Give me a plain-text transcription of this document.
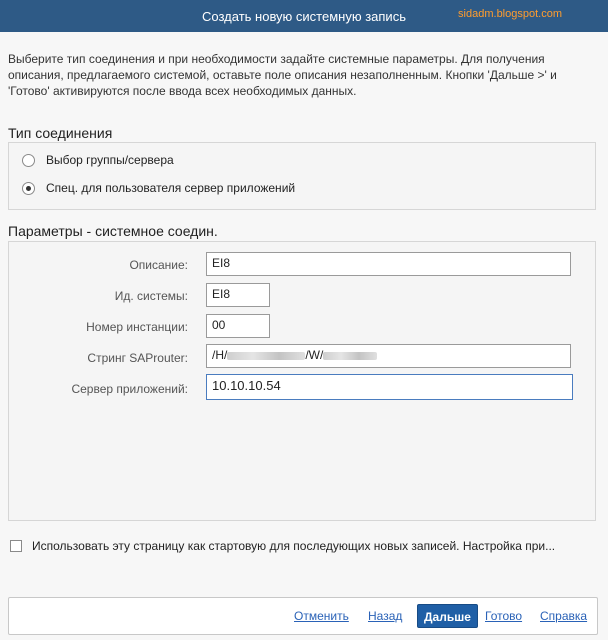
Создать новую системную запись	sidadm.blogspot.com
Выберите тип соединения и при необходимости задайте системные параметры. Для получения описания, предлагаемого системой, оставьте поле описания незаполненным. Кнопки 'Дальше >' и 'Готово' активируются после ввода всех необходимых данных.
Тип соединения
Выбор группы/сервера
Спец. для пользователя сервер приложений
Параметры - системное соедин.
Описание:	EI8
Ид. системы:	EI8
Номер инстанции:	00
Стринг SAProuter:	/H/	/W/
Сервер приложений:	10.10.10.54
Использовать эту страницу как стартовую для последующих новых записей. Настройка при...
Отменить Назад	Дальше	Готово Справка
